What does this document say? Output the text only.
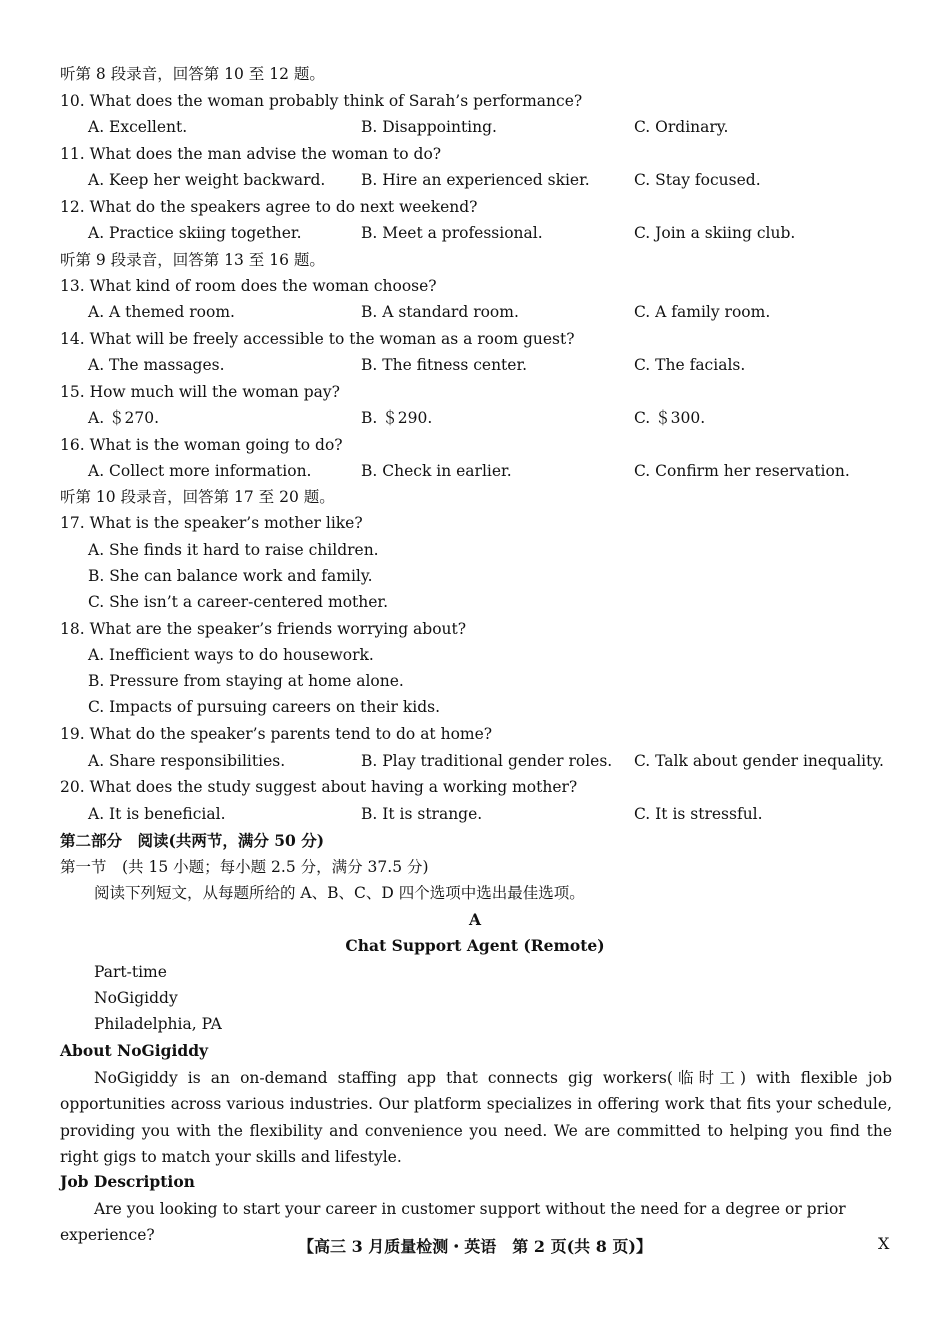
听第 8 段录音，回答第 10 至 12 题。
10. What does the woman probably think of Sarah’s performance?
A. Excellent.	B. Disappointing.	C. Ordinary.
11. What does the man advise the woman to do?
A. Keep her weight backward. B. Hire an experienced skier.	C. Stay focused.
12. What do the speakers agree to do next weekend?
A. Practice skiing together.	B. Meet a professional.	C. Join a skiing club.
听第 9 段录音，回答第 13 至 16 题。
13. What kind of room does the woman choose?
A. A themed room.	B. A standard room.	C. A family room.
14. What will be freely accessible to the woman as a room guest?
A. The massages.	B. The fitness center.	C. The facials.
15. How much will the woman pay?
A. ＄270.	B. ＄290.	C. ＄300.
16. What is the woman going to do?
A. Collect more information.	B. Check in earlier.	C. Confirm her reservation.
听第 10 段录音，回答第 17 至 20 题。
17. What is the speaker’s mother like?
A. She finds it hard to raise children.
B. She can balance work and family.
C. She isn’t a career-centered mother.
18. What are the speaker’s friends worrying about?
A. Inefficient ways to do housework.
B. Pressure from staying at home alone.
C. Impacts of pursuing careers on their kids.
19. What do the speaker’s parents tend to do at home?
A. Share responsibilities.	B. Play traditional gender roles. C. Talk about gender inequality.
20. What does the study suggest about having a working mother?
A. It is beneficial.	B. It is strange.	C. It is stressful.
第二部分　阅读(共两节，满分 50 分)
第一节　(共 15 小题；每小题 2.5 分，满分 37.5 分)
阅读下列短文，从每题所给的 A、B、C、D 四个选项中选出最佳选项。
A
Chat Support Agent (Remote)
Part-time
NoGigiddy
Philadelphia, PA
About NoGigiddy
NoGigiddy is an on-demand staffing app that connects gig workers(临时工) with flexible job opportunities across various industries. Our platform specializes in offering work that fits your schedule, providing you with the flexibility and convenience you need. We are committed to helping you find the right gigs to match your skills and lifestyle.
Job Description
Are you looking to start your career in customer support without the need for a degree or prior experience?
【高三 3 月质量检测・英语　第 2 页(共 8 页)】	X
